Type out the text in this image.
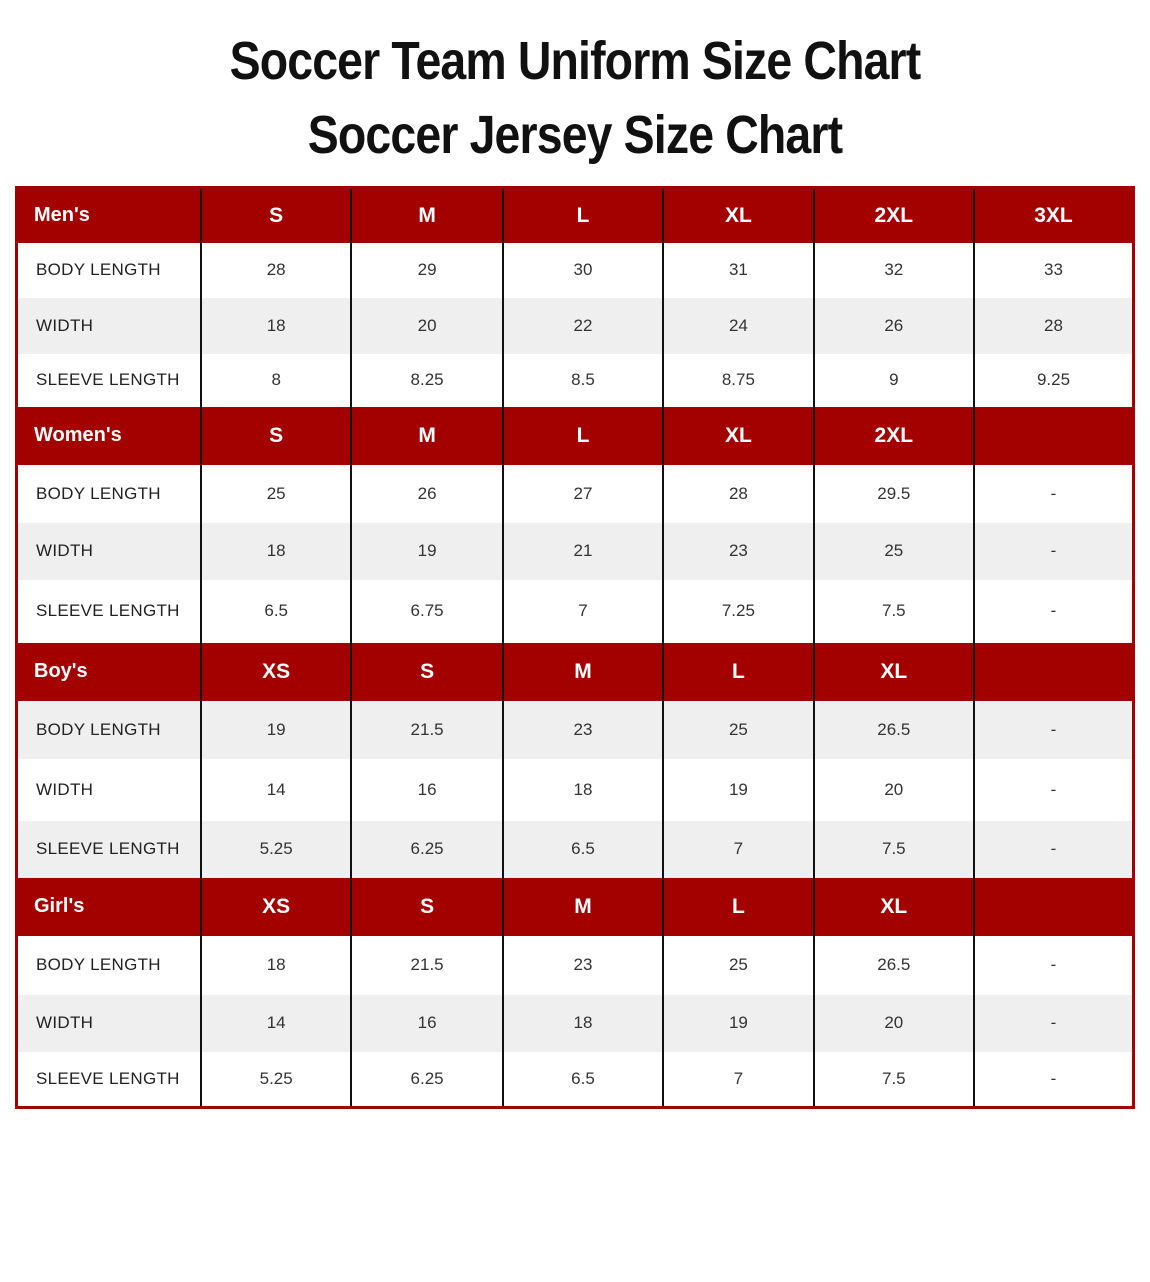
Soccer Team Uniform Size Chart
Soccer Jersey Size Chart
Men's	S	M	L	XL	2XL	3XL
BODY LENGTH	28	29	30	31	32	33
WIDTH	18	20	22	24	26	28
SLEEVE LENGTH	8	8.25	8.5	8.75	9	9.25
Women's	S	M	L	XL	2XL	-
BODY LENGTH	25	26	27	28	29.5	-
WIDTH	18	19	21	23	25	-
SLEEVE LENGTH	6.5	6.75	7	7.25	7.5	-
Boy's	XS	S	M	L	XL	-
BODY LENGTH	19	21.5	23	25	26.5	-
WIDTH	14	16	18	19	20	-
SLEEVE LENGTH	5.25	6.25	6.5	7	7.5	-
Girl's	XS	S	M	L	XL	-
BODY LENGTH	18	21.5	23	25	26.5	-
WIDTH	14	16	18	19	20	-
SLEEVE LENGTH	5.25	6.25	6.5	7	7.5	-
